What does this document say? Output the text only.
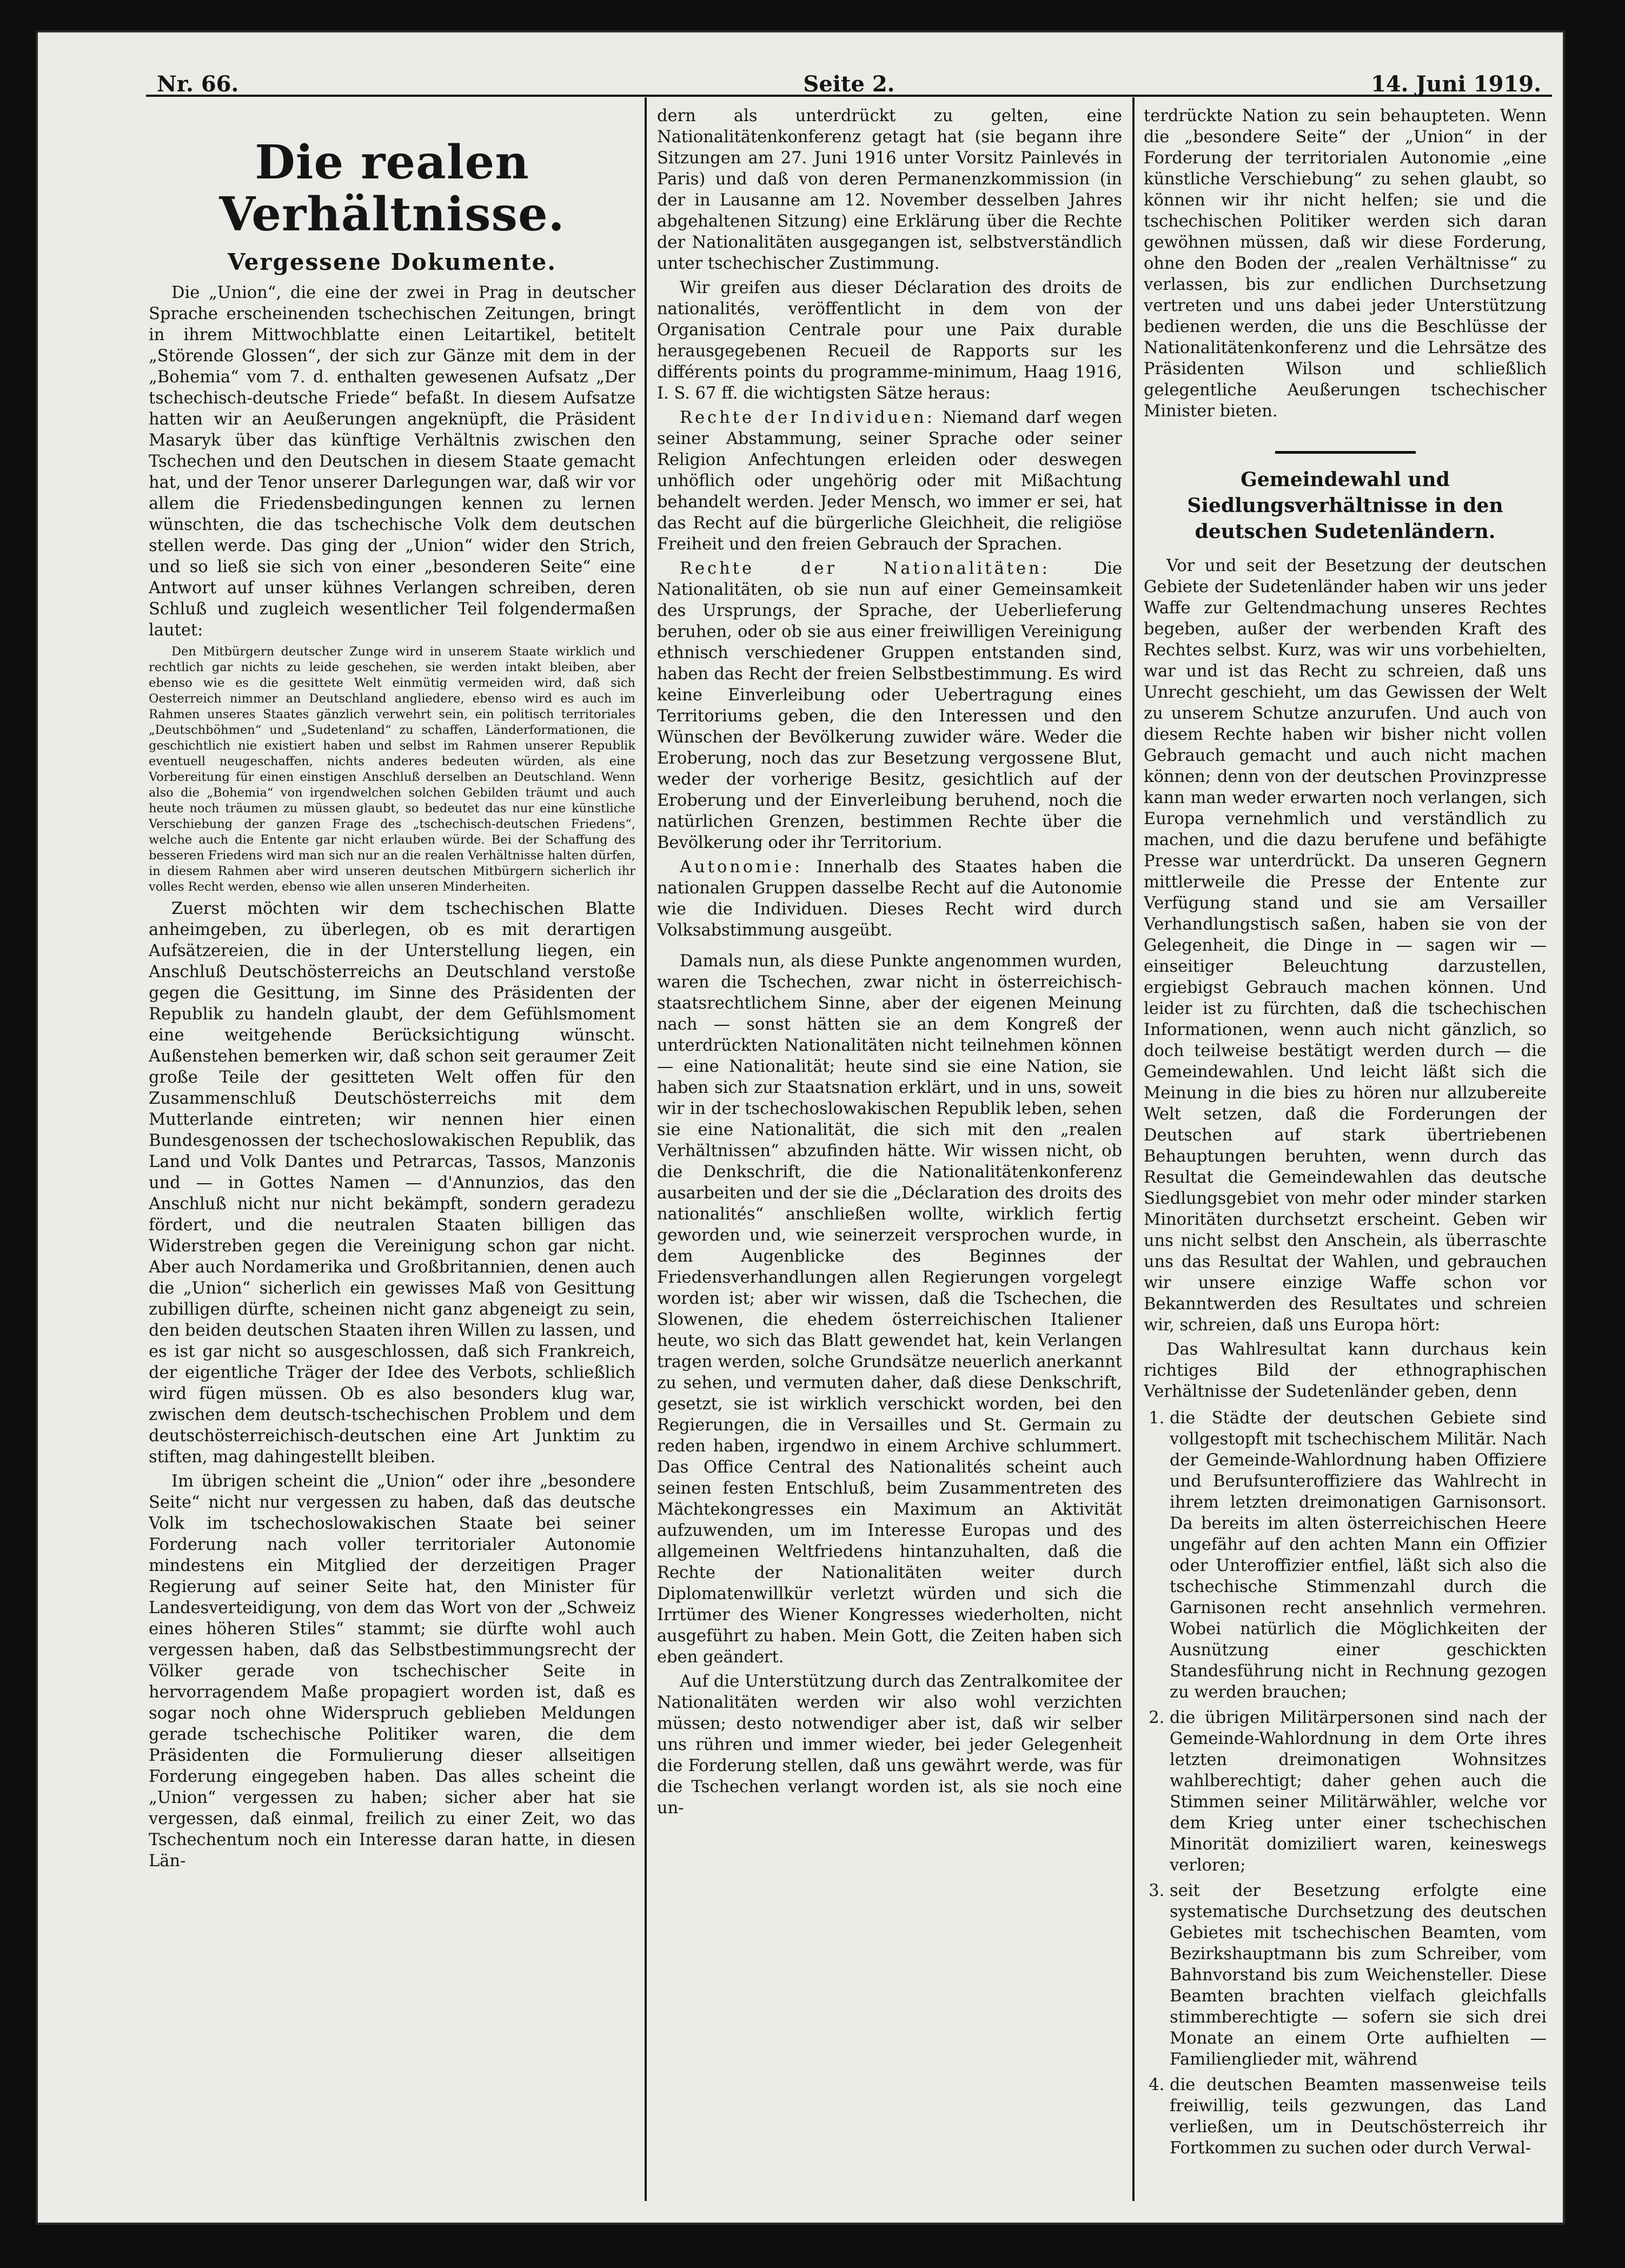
Nr. 66.	Seite 2.	14. Juni 1919.
Die realen Verhältnisse.
Vergessene Dokumente.

Die „Union“, die eine der zwei in Prag in deutscher Sprache erscheinenden tschechischen Zeitungen, bringt in ihrem Mittwochblatte einen Leitartikel, betitelt „Störende Glossen“, der sich zur Gänze mit dem in der „Bohemia“ vom 7. d. enthalten gewesenen Aufsatz „Der tschechisch-deutsche Friede“ befaßt. In diesem Aufsatze hatten wir an Aeußerungen angeknüpft, die Präsident Masaryk über das künftige Verhältnis zwischen den Tschechen und den Deutschen in diesem Staate gemacht hat, und der Tenor unserer Darlegungen war, daß wir vor allem die Friedensbedingungen kennen zu lernen wünschten, die das tschechische Volk dem deutschen stellen werde. Das ging der „Union“ wider den Strich, und so ließ sie sich von einer „besonderen Seite“ eine Antwort auf unser kühnes Verlangen schreiben, deren Schluß und zugleich wesentlicher Teil folgendermaßen lautet:

Den Mitbürgern deutscher Zunge wird in unserem Staate wirklich und rechtlich gar nichts zu leide geschehen, sie werden intakt bleiben, aber ebenso wie es die gesittete Welt einmütig vermeiden wird, daß sich Oesterreich nimmer an Deutschland angliedere, ebenso wird es auch im Rahmen unseres Staates gänzlich verwehrt sein, ein politisch territoriales „Deutschböhmen“ und „Sudetenland“ zu schaffen, Länderformationen, die geschichtlich nie existiert haben und selbst im Rahmen unserer Republik eventuell neugeschaffen, nichts anderes bedeuten würden, als eine Vorbereitung für einen einstigen Anschluß derselben an Deutschland. Wenn also die „Bohemia“ von irgendwelchen solchen Gebilden träumt und auch heute noch träumen zu müssen glaubt, so bedeutet das nur eine künstliche Verschiebung der ganzen Frage des „tschechisch-deutschen Friedens“, welche auch die Entente gar nicht erlauben würde. Bei der Schaffung des besseren Friedens wird man sich nur an die realen Verhältnisse halten dürfen, in diesem Rahmen aber wird unseren deutschen Mitbürgern sicherlich ihr volles Recht werden, ebenso wie allen unseren Minderheiten.

Zuerst möchten wir dem tschechischen Blatte anheimgeben, zu überlegen, ob es mit derartigen Aufsätzereien, die in der Unterstellung liegen, ein Anschluß Deutschösterreichs an Deutschland verstoße gegen die Gesittung, im Sinne des Präsidenten der Republik zu handeln glaubt, der dem Gefühlsmoment eine weitgehende Berücksichtigung wünscht. Außenstehen bemerken wir, daß schon seit geraumer Zeit große Teile der gesitteten Welt offen für den Zusammenschluß Deutschösterreichs mit dem Mutterlande eintreten; wir nennen hier einen Bundesgenossen der tschechoslowakischen Republik, das Land und Volk Dantes und Petrarcas, Tassos, Manzonis und — in Gottes Namen — d'Annunzios, das den Anschluß nicht nur nicht bekämpft, sondern geradezu fördert, und die neutralen Staaten billigen das Widerstreben gegen die Vereinigung schon gar nicht. Aber auch Nordamerika und Großbritannien, denen auch die „Union“ sicherlich ein gewisses Maß von Gesittung zubilligen dürfte, scheinen nicht ganz abgeneigt zu sein, den beiden deutschen Staaten ihren Willen zu lassen, und es ist gar nicht so ausgeschlossen, daß sich Frankreich, der eigentliche Träger der Idee des Verbots, schließlich wird fügen müssen. Ob es also besonders klug war, zwischen dem deutsch-tschechischen Problem und dem deutschösterreichisch-deutschen eine Art Junktim zu stiften, mag dahingestellt bleiben.

Im übrigen scheint die „Union“ oder ihre „besondere Seite“ nicht nur vergessen zu haben, daß das deutsche Volk im tschechoslowakischen Staate bei seiner Forderung nach voller territorialer Autonomie mindestens ein Mitglied der derzeitigen Prager Regierung auf seiner Seite hat, den Minister für Landesverteidigung, von dem das Wort von der „Schweiz eines höheren Stiles“ stammt; sie dürfte wohl auch vergessen haben, daß das Selbstbestimmungsrecht der Völker gerade von tschechischer Seite in hervorragendem Maße propagiert worden ist, daß es sogar noch ohne Widerspruch geblieben Meldungen gerade tschechische Politiker waren, die dem Präsidenten die Formulierung dieser allseitigen Forderung eingegeben haben. Das alles scheint die „Union“ vergessen zu haben; sicher aber hat sie vergessen, daß einmal, freilich zu einer Zeit, wo das Tschechentum noch ein Interesse daran hatte, in diesen Län-

dern als unterdrückt zu gelten, eine Nationalitätenkonferenz getagt hat (sie begann ihre Sitzungen am 27. Juni 1916 unter Vorsitz Painlevés in Paris) und daß von deren Permanenzkommission (in der in Lausanne am 12. November desselben Jahres abgehaltenen Sitzung) eine Erklärung über die Rechte der Nationalitäten ausgegangen ist, selbstverständlich unter tschechischer Zustimmung.

Wir greifen aus dieser Déclaration des droits de nationalités, veröffentlicht in dem von der Organisation Centrale pour une Paix durable herausgegebenen Recueil de Rapports sur les différents points du programme-minimum, Haag 1916, I. S. 67 ff. die wichtigsten Sätze heraus:

Rechte der Individuen: Niemand darf wegen seiner Abstammung, seiner Sprache oder seiner Religion Anfechtungen erleiden oder deswegen unhöflich oder ungehörig oder mit Mißachtung behandelt werden. Jeder Mensch, wo immer er sei, hat das Recht auf die bürgerliche Gleichheit, die religiöse Freiheit und den freien Gebrauch der Sprachen.

Rechte der Nationalitäten: Die Nationalitäten, ob sie nun auf einer Gemeinsamkeit des Ursprungs, der Sprache, der Ueberlieferung beruhen, oder ob sie aus einer freiwilligen Vereinigung ethnisch verschiedener Gruppen entstanden sind, haben das Recht der freien Selbstbestimmung. Es wird keine Einverleibung oder Uebertragung eines Territoriums geben, die den Interessen und den Wünschen der Bevölkerung zuwider wäre. Weder die Eroberung, noch das zur Besetzung vergossene Blut, weder der vorherige Besitz, gesichtlich auf der Eroberung und der Einverleibung beruhend, noch die natürlichen Grenzen, bestimmen Rechte über die Bevölkerung oder ihr Territorium.

Autonomie: Innerhalb des Staates haben die nationalen Gruppen dasselbe Recht auf die Autonomie wie die Individuen. Dieses Recht wird durch Volksabstimmung ausgeübt.

Damals nun, als diese Punkte angenommen wurden, waren die Tschechen, zwar nicht in österreichisch-staatsrechtlichem Sinne, aber der eigenen Meinung nach — sonst hätten sie an dem Kongreß der unterdrückten Nationalitäten nicht teilnehmen können — eine Nationalität; heute sind sie eine Nation, sie haben sich zur Staatsnation erklärt, und in uns, soweit wir in der tschechoslowakischen Republik leben, sehen sie eine Nationalität, die sich mit den „realen Verhältnissen“ abzufinden hätte. Wir wissen nicht, ob die Denkschrift, die die Nationalitätenkonferenz ausarbeiten und der sie die „Déclaration des droits des nationalités“ anschließen wollte, wirklich fertig geworden und, wie seinerzeit versprochen wurde, in dem Augenblicke des Beginnes der Friedensverhandlungen allen Regierungen vorgelegt worden ist; aber wir wissen, daß die Tschechen, die Slowenen, die ehedem österreichischen Italiener heute, wo sich das Blatt gewendet hat, kein Verlangen tragen werden, solche Grundsätze neuerlich anerkannt zu sehen, und vermuten daher, daß diese Denkschrift, gesetzt, sie ist wirklich verschickt worden, bei den Regierungen, die in Versailles und St. Germain zu reden haben, irgendwo in einem Archive schlummert. Das Office Central des Nationalités scheint auch seinen festen Entschluß, beim Zusammentreten des Mächtekongresses ein Maximum an Aktivität aufzuwenden, um im Interesse Europas und des allgemeinen Weltfriedens hintanzuhalten, daß die Rechte der Nationalitäten weiter durch Diplomatenwillkür verletzt würden und sich die Irrtümer des Wiener Kongresses wiederholten, nicht ausgeführt zu haben. Mein Gott, die Zeiten haben sich eben geändert.

Auf die Unterstützung durch das Zentralkomitee der Nationalitäten werden wir also wohl verzichten müssen; desto notwendiger aber ist, daß wir selber uns rühren und immer wieder, bei jeder Gelegenheit die Forderung stellen, daß uns gewährt werde, was für die Tschechen verlangt worden ist, als sie noch eine un-

terdrückte Nation zu sein behaupteten. Wenn die „besondere Seite“ der „Union“ in der Forderung der territorialen Autonomie „eine künstliche Verschiebung“ zu sehen glaubt, so können wir ihr nicht helfen; sie und die tschechischen Politiker werden sich daran gewöhnen müssen, daß wir diese Forderung, ohne den Boden der „realen Verhältnisse“ zu verlassen, bis zur endlichen Durchsetzung vertreten und uns dabei jeder Unterstützung bedienen werden, die uns die Beschlüsse der Nationalitätenkonferenz und die Lehrsätze des Präsidenten Wilson und schließlich gelegentliche Aeußerungen tschechischer Minister bieten.

Gemeindewahl und Siedlungsverhältnisse in den deutschen Sudetenländern.

Vor und seit der Besetzung der deutschen Gebiete der Sudetenländer haben wir uns jeder Waffe zur Geltendmachung unseres Rechtes begeben, außer der werbenden Kraft des Rechtes selbst. Kurz, was wir uns vorbehielten, war und ist das Recht zu schreien, daß uns Unrecht geschieht, um das Gewissen der Welt zu unserem Schutze anzurufen. Und auch von diesem Rechte haben wir bisher nicht vollen Gebrauch gemacht und auch nicht machen können; denn von der deutschen Provinzpresse kann man weder erwarten noch verlangen, sich Europa vernehmlich und verständlich zu machen, und die dazu berufene und befähigte Presse war unterdrückt. Da unseren Gegnern mittlerweile die Presse der Entente zur Verfügung stand und sie am Versailler Verhandlungstisch saßen, haben sie von der Gelegenheit, die Dinge in — sagen wir — einseitiger Beleuchtung darzustellen, ergiebigst Gebrauch machen können. Und leider ist zu fürchten, daß die tschechischen Informationen, wenn auch nicht gänzlich, so doch teilweise bestätigt werden durch — die Gemeindewahlen. Und leicht läßt sich die Meinung in die bies zu hören nur allzubereite Welt setzen, daß die Forderungen der Deutschen auf stark übertriebenen Behauptungen beruhten, wenn durch das Resultat die Gemeindewahlen das deutsche Siedlungsgebiet von mehr oder minder starken Minoritäten durchsetzt erscheint. Geben wir uns nicht selbst den Anschein, als überraschte uns das Resultat der Wahlen, und gebrauchen wir unsere einzige Waffe schon vor Bekanntwerden des Resultates und schreien wir, schreien, daß uns Europa hört:

Das Wahlresultat kann durchaus kein richtiges Bild der ethnographischen Verhältnisse der Sudetenländer geben, denn

1. die Städte der deutschen Gebiete sind vollgestopft mit tschechischem Militär. Nach der Gemeinde-Wahlordnung haben Offiziere und Berufsunteroffiziere das Wahlrecht in ihrem letzten dreimonatigen Garnisonsort. Da bereits im alten österreichischen Heere ungefähr auf den achten Mann ein Offizier oder Unteroffizier entfiel, läßt sich also die tschechische Stimmenzahl durch die Garnisonen recht ansehnlich vermehren. Wobei natürlich die Möglichkeiten der Ausnützung einer geschickten Standesführung nicht in Rechnung gezogen zu werden brauchen;
2. die übrigen Militärpersonen sind nach der Gemeinde-Wahlordnung in dem Orte ihres letzten dreimonatigen Wohnsitzes wahlberechtigt; daher gehen auch die Stimmen seiner Militärwähler, welche vor dem Krieg unter einer tschechischen Minorität domiziliert waren, keineswegs verloren;
3. seit der Besetzung erfolgte eine systematische Durchsetzung des deutschen Gebietes mit tschechischen Beamten, vom Bezirkshauptmann bis zum Schreiber, vom Bahnvorstand bis zum Weichensteller. Diese Beamten brachten vielfach gleichfalls stimmberechtigte — sofern sie sich drei Monate an einem Orte aufhielten — Familienglieder mit, während
4. die deutschen Beamten massenweise teils freiwillig, teils gezwungen, das Land verließen, um in Deutschösterreich ihr Fortkommen zu suchen oder durch Verwal-
